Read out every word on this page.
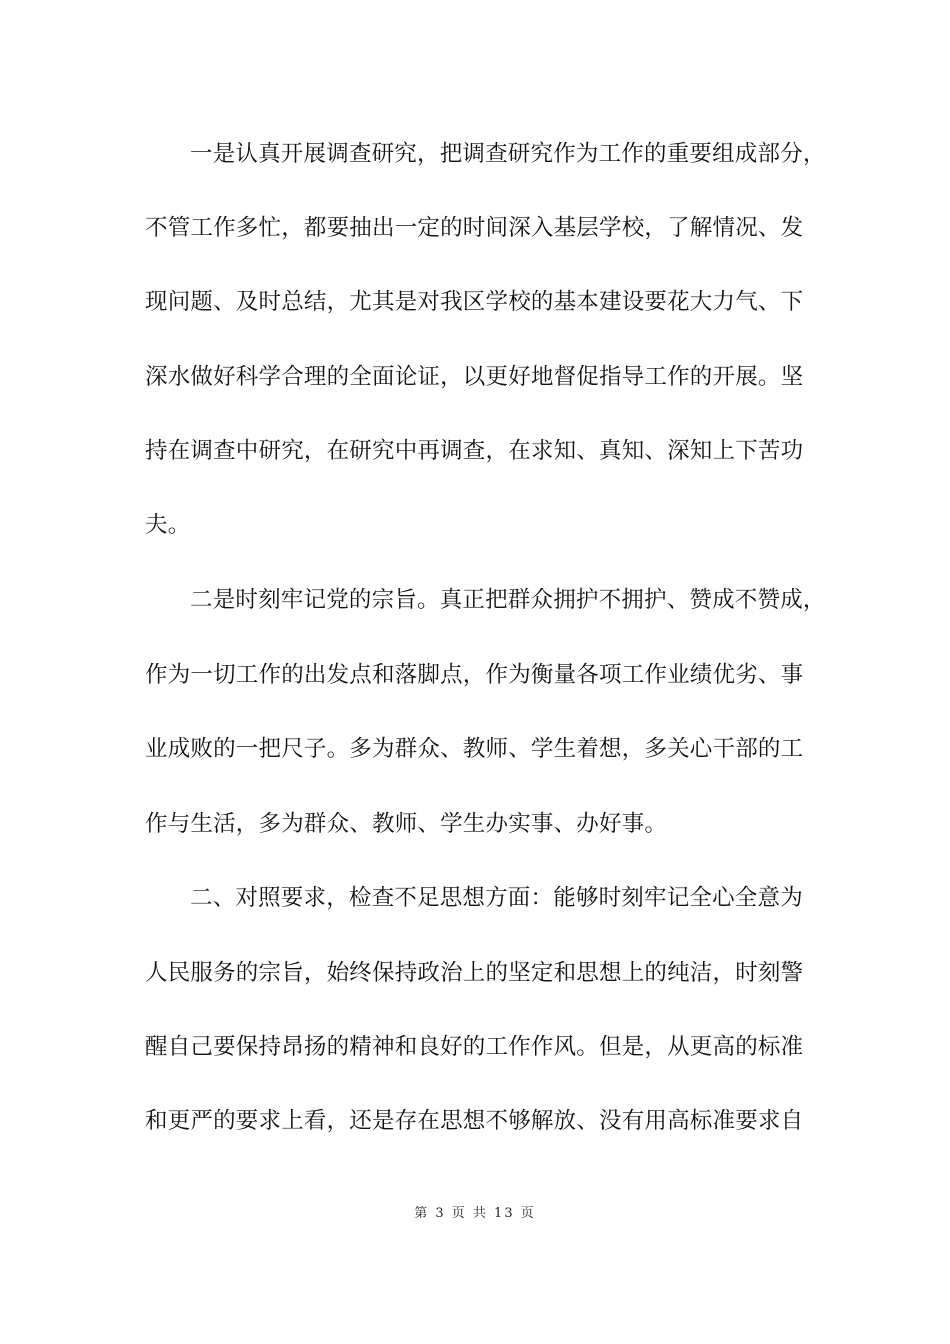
一是认真开展调查研究，把调查研究作为工作的重要组成部分，
不管工作多忙，都要抽出一定的时间深入基层学校，了解情况、发
现问题、及时总结，尤其是对我区学校的基本建设要花大力气、下
深水做好科学合理的全面论证，以更好地督促指导工作的开展。坚
持在调查中研究，在研究中再调查，在求知、真知、深知上下苦功
夫。
二是时刻牢记党的宗旨。真正把群众拥护不拥护、赞成不赞成，
作为一切工作的出发点和落脚点，作为衡量各项工作业绩优劣、事
业成败的一把尺子。多为群众、教师、学生着想，多关心干部的工
作与生活，多为群众、教师、学生办实事、办好事。
二、对照要求，检查不足思想方面：能够时刻牢记全心全意为
人民服务的宗旨，始终保持政治上的坚定和思想上的纯洁，时刻警
醒自己要保持昂扬的精神和良好的工作作风。但是，从更高的标准
和更严的要求上看，还是存在思想不够解放、没有用高标准要求自
第 3 页 共 13 页
